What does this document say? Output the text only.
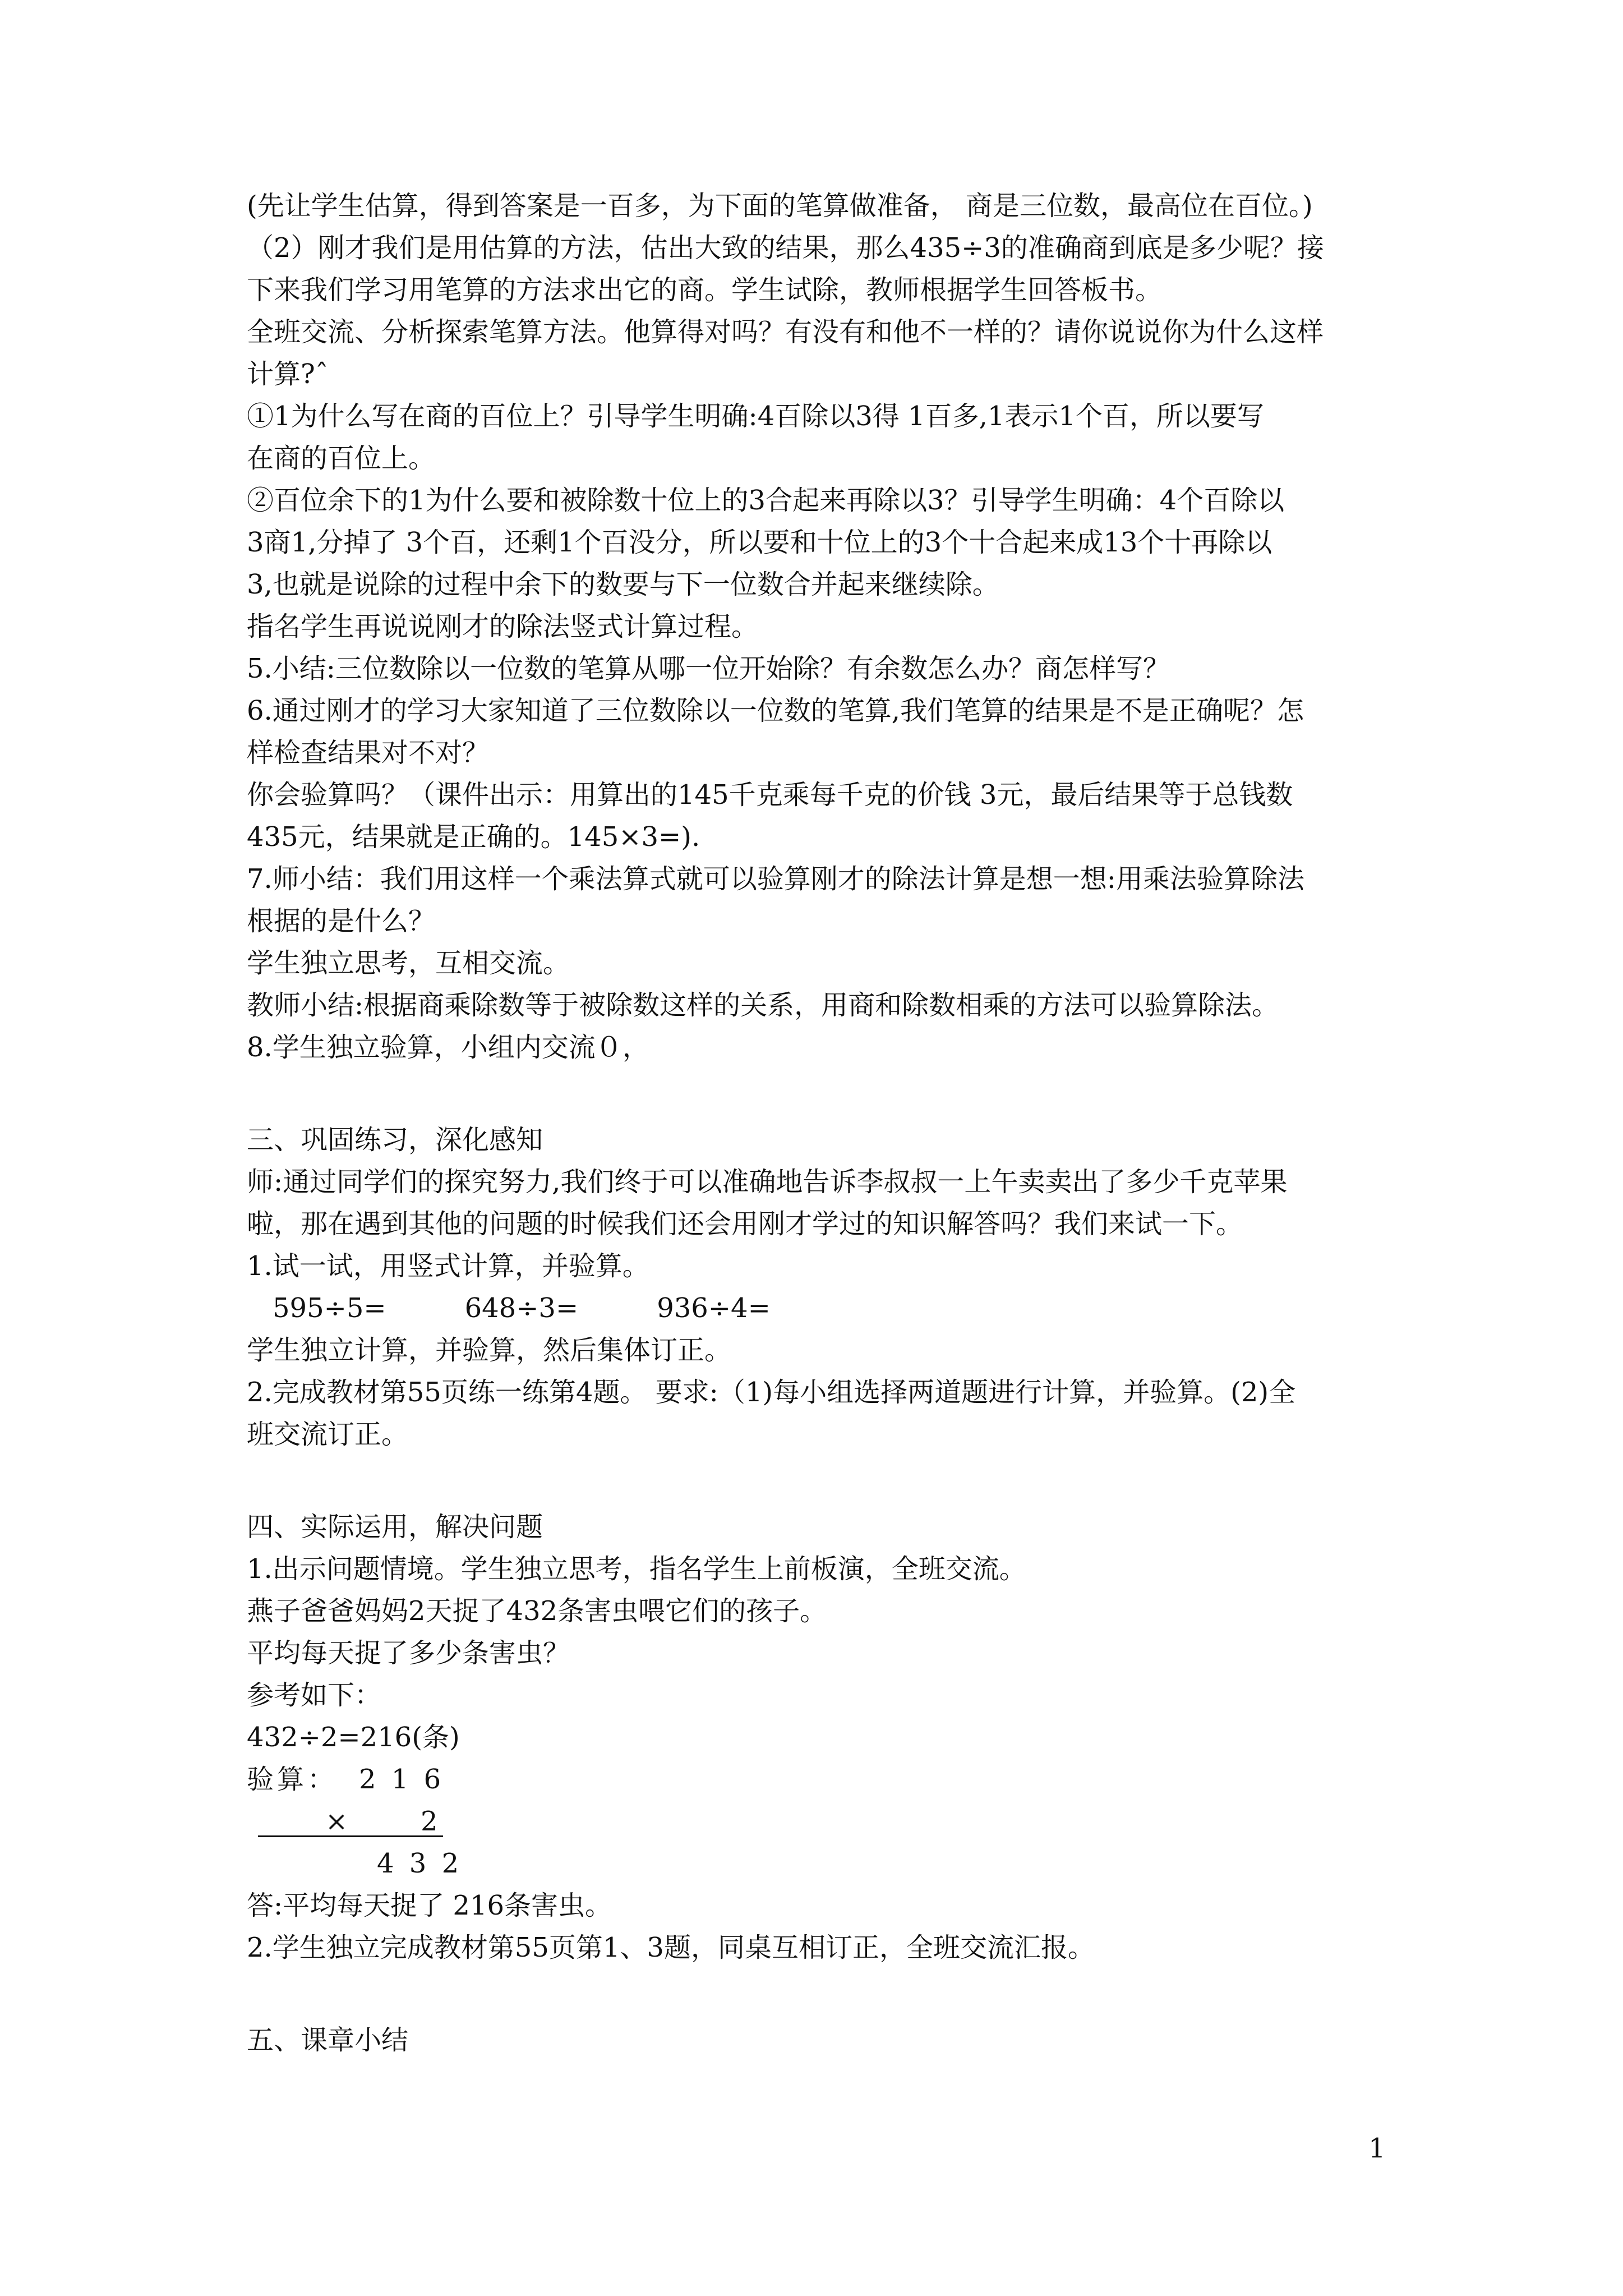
(先让学生估算，得到答案是一百多，为下面的笔算做准备， 商是三位数，最高位在百位。)
（2）刚才我们是用估算的方法，估出大致的结果，那么435÷3的准确商到底是多少呢？接
下来我们学习用笔算的方法求出它的商。学生试除，教师根据学生回答板书。
全班交流、分析探索笔算方法。他算得对吗？有没有和他不一样的？请你说说你为什么这样
计算?ˆ
①1为什么写在商的百位上？引导学生明确:4百除以3得 1百多,1表示1个百，所以要写
在商的百位上。
②百位余下的1为什么要和被除数十位上的3合起来再除以3？引导学生明确：4个百除以
3商1,分掉了 3个百，还剩1个百没分，所以要和十位上的3个十合起来成13个十再除以
3,也就是说除的过程中余下的数要与下一位数合并起来继续除。
指名学生再说说刚才的除法竖式计算过程。
5.小结:三位数除以一位数的笔算从哪一位开始除？有余数怎么办？商怎样写？
6.通过刚才的学习大家知道了三位数除以一位数的笔算,我们笔算的结果是不是正确呢？怎
样检查结果对不对？
你会验算吗？（课件出示：用算出的145千克乘每千克的价钱 3元，最后结果等于总钱数
435元，结果就是正确的。145×3=).
7.师小结：我们用这样一个乘法算式就可以验算刚才的除法计算是想一想:用乘法验算除法
根据的是什么？
学生独立思考，互相交流。
教师小结:根据商乘除数等于被除数这样的关系，用商和除数相乘的方法可以验算除法。
8.学生独立验算，小组内交流０，
三、巩固练习，深化感知
师:通过同学们的探究努力,我们终于可以准确地告诉李叔叔一上午卖卖出了多少千克苹果
啦，那在遇到其他的问题的时候我们还会用刚才学过的知识解答吗？我们来试一下。
1.试一试，用竖式计算，并验算。
595÷5=	648÷3=	936÷4=
学生独立计算，并验算，然后集体订正。
2.完成教材第55页练一练第4题。 要求:（1)每小组选择两道题进行计算，并验算。(2)全
班交流订正。
四、实际运用，解决问题
1.出示问题情境。学生独立思考，指名学生上前板演，全班交流。
燕子爸爸妈妈2天捉了432条害虫喂它们的孩子。
平均每天捉了多少条害虫？
参考如下：
432÷2=216(条)
验算： 2 1 6
×	2
4 3 2
答:平均每天捉了 216条害虫。
2.学生独立完成教材第55页第1、3题，同桌互相订正，全班交流汇报。
五、课章小结
1
